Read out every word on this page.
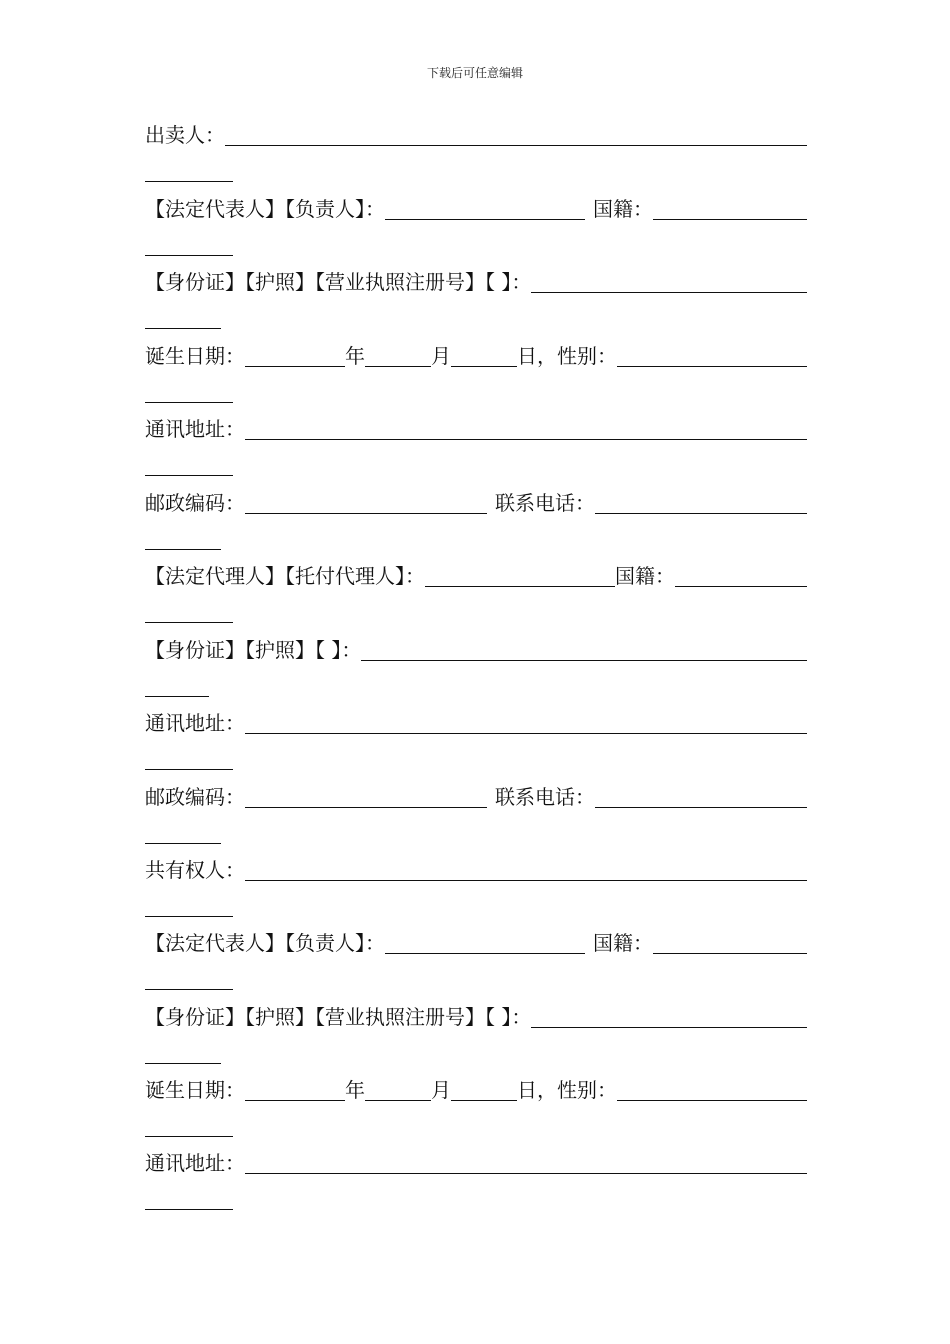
下载后可任意编辑
出卖人：
【法定代表人】【负责人】：	国籍：
【身份证】【护照】【营业执照注册号】【 】：
诞生日期：	年	月	日，性别：
通讯地址：
邮政编码：	联系电话：
【法定代理人】【托付代理人】：	国籍：
【身份证】【护照】【 】：
通讯地址：
邮政编码：	联系电话：
共有权人：
【法定代表人】【负责人】：	国籍：
【身份证】【护照】【营业执照注册号】【 】：
诞生日期：	年	月	日，性别：
通讯地址：
